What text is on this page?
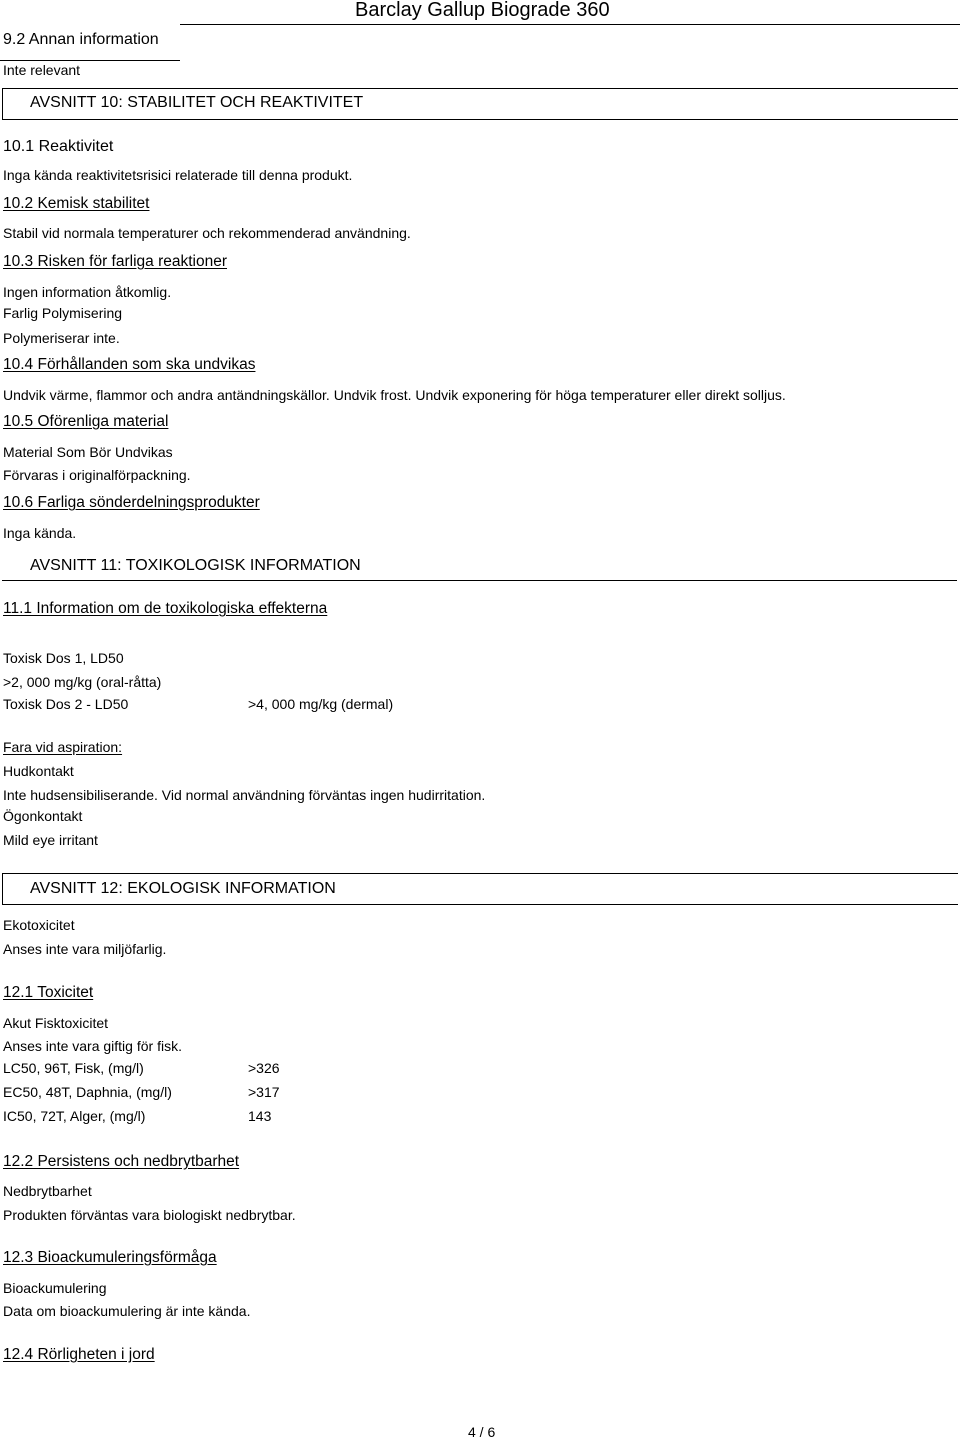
Barclay Gallup Biograde 360
9.2 Annan information
Inte relevant
AVSNITT 10: STABILITET OCH REAKTIVITET
10.1 Reaktivitet
Inga kända reaktivitetsrisici relaterade till denna produkt.
10.2 Kemisk stabilitet
Stabil vid normala temperaturer och rekommenderad användning.
10.3 Risken för farliga reaktioner
Ingen information åtkomlig.
Farlig Polymisering
Polymeriserar inte.
10.4 Förhållanden som ska undvikas
Undvik värme, flammor och andra antändningskällor. Undvik frost. Undvik exponering för höga temperaturer eller direkt solljus.
10.5 Oförenliga material
Material Som Bör Undvikas
Förvaras i originalförpackning.
10.6 Farliga sönderdelningsprodukter
Inga kända.
AVSNITT 11: TOXIKOLOGISK INFORMATION
11.1 Information om de toxikologiska effekterna
Toxisk Dos 1, LD50
>2, 000 mg/kg (oral-råtta)
Toxisk Dos 2 - LD50	>4, 000 mg/kg (dermal)
Fara vid aspiration:
Hudkontakt
Inte hudsensibiliserande. Vid normal användning förväntas ingen hudirritation.
Ögonkontakt
Mild eye irritant
AVSNITT 12: EKOLOGISK INFORMATION
Ekotoxicitet
Anses inte vara miljöfarlig.
12.1 Toxicitet
Akut Fisktoxicitet
Anses inte vara giftig för fisk.
LC50, 96T, Fisk, (mg/l)	>326
EC50, 48T, Daphnia, (mg/l)	>317
IC50, 72T, Alger, (mg/l)	143
12.2 Persistens och nedbrytbarhet
Nedbrytbarhet
Produkten förväntas vara biologiskt nedbrytbar.
12.3 Bioackumuleringsförmåga
Bioackumulering
Data om bioackumulering är inte kända.
12.4 Rörligheten i jord
4 / 6
